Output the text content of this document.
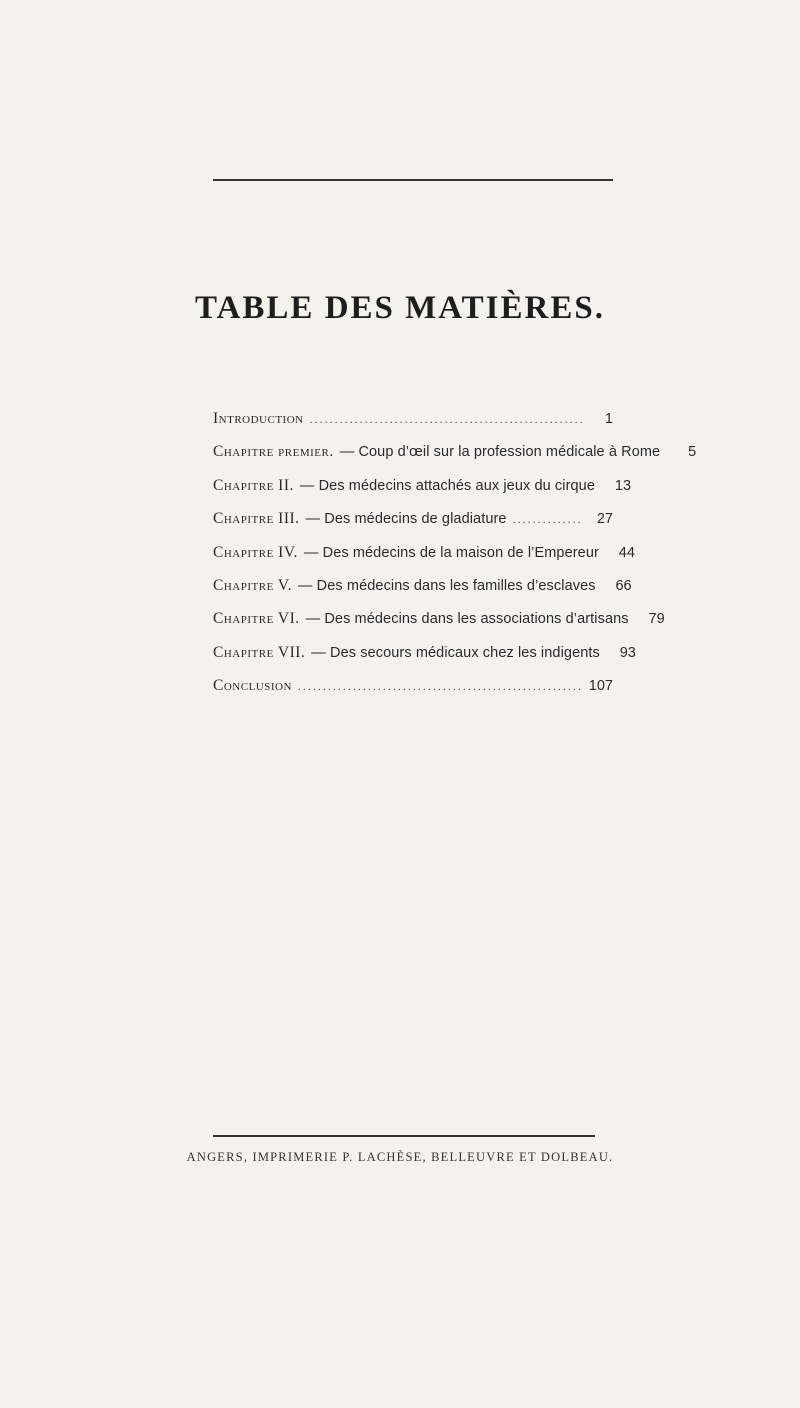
TABLE DES MATIÈRES.
Introduction .....	1
Chapitre premier. — Coup d’œil sur la profession médicale à Rome	5
Chapitre II. — Des médecins attachés aux jeux du cirque	13
Chapitre III. — Des médecins de gladiature .....	27
Chapitre IV. — Des médecins de la maison de l’Empereur	44
Chapitre V. — Des médecins dans les familles d’esclaves	66
Chapitre VI. — Des médecins dans les associations d’artisans	79
Chapitre VII. — Des secours médicaux chez les indigents	93
Conclusion .....	107
ANGERS, IMPRIMERIE P. LACHÈSE, BELLEUVRE ET DOLBEAU.
